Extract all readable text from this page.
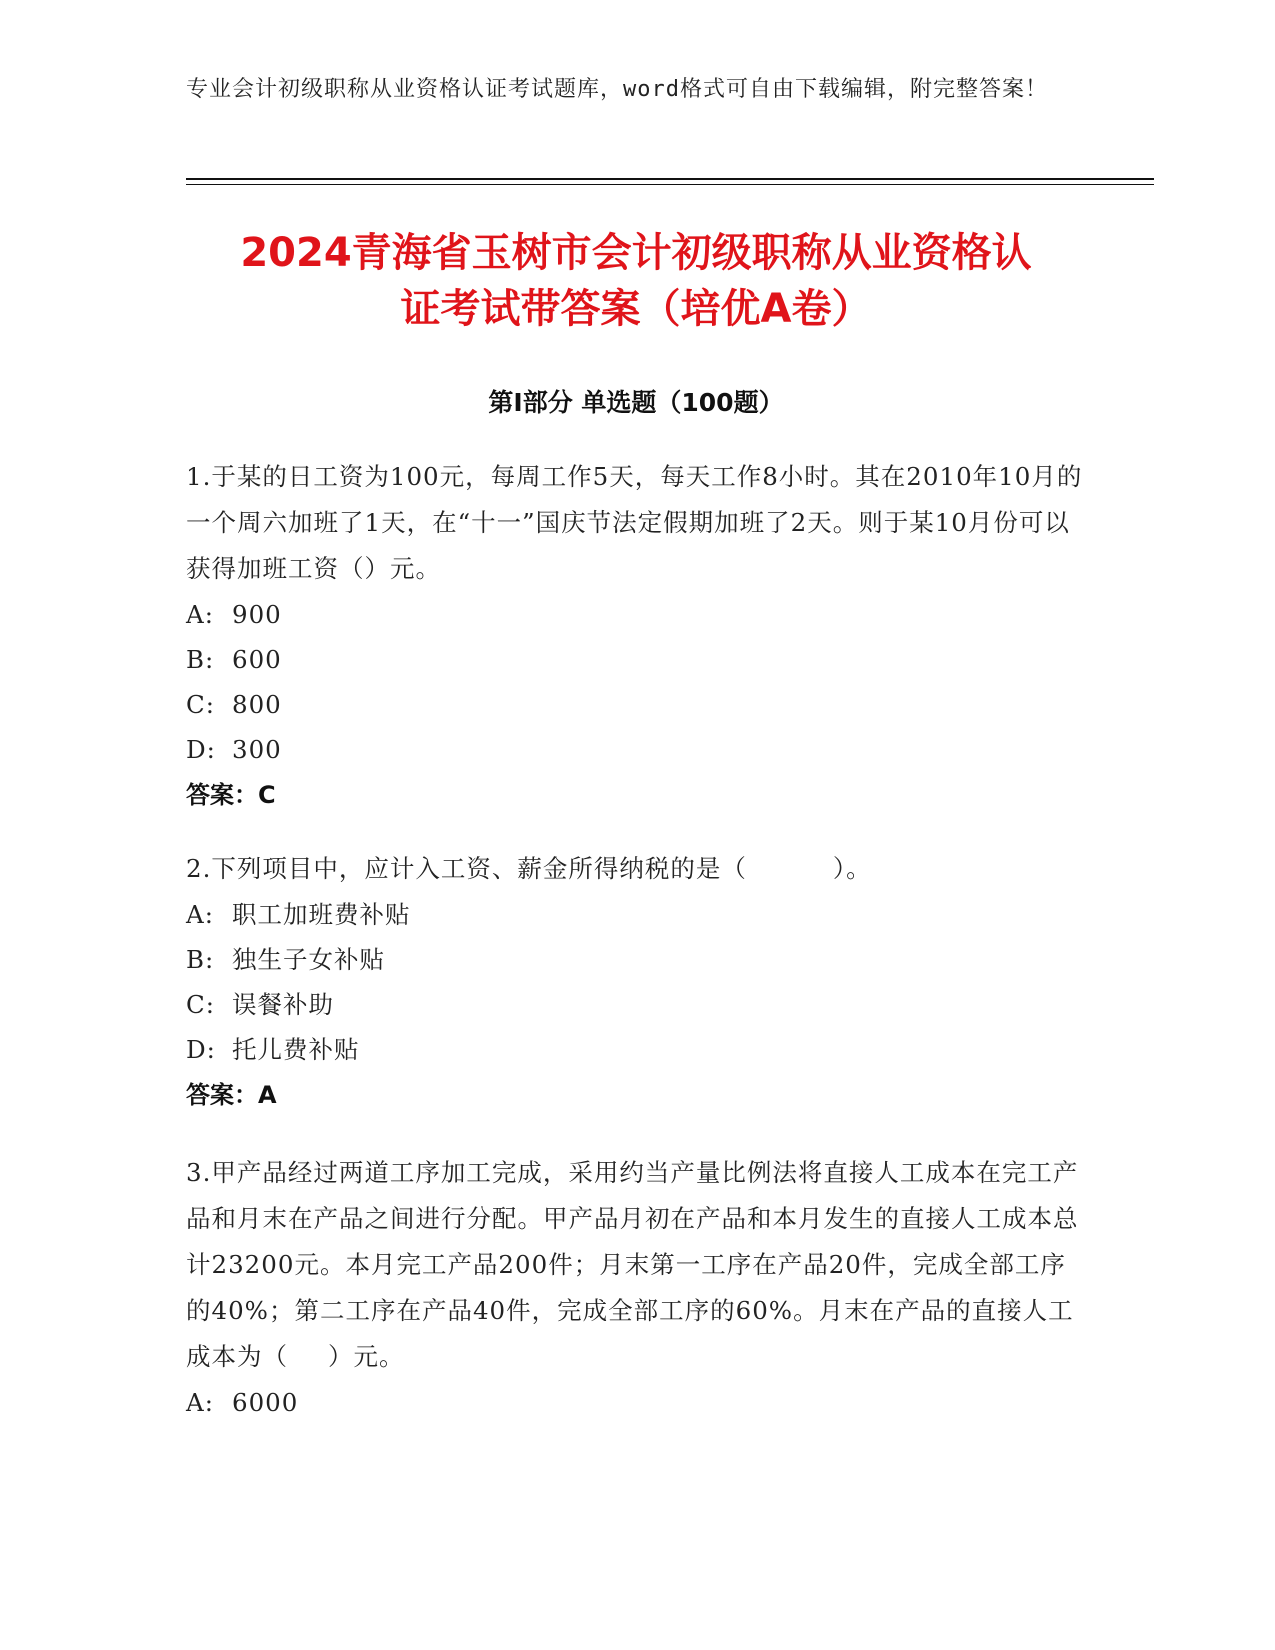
专业会计初级职称从业资格认证考试题库，word格式可自由下载编辑，附完整答案！
2024青海省玉树市会计初级职称从业资格认
证考试带答案（培优A卷）
第I部分 单选题（100题）
1.于某的日工资为100元，每周工作5天，每天工作8小时。其在2010年10月的一个周六加班了1天，在“十一”国庆节法定假期加班了2天。则于某10月份可以获得加班工资（）元。
A: 900
B: 600
C: 800
D: 300
答案：C
2.下列项目中，应计入工资、薪金所得纳税的是（	）。
A: 职工加班费补贴
B: 独生子女补贴
C: 误餐补助
D: 托儿费补贴
答案：A
3.甲产品经过两道工序加工完成，采用约当产量比例法将直接人工成本在完工产品和月末在产品之间进行分配。甲产品月初在产品和本月发生的直接人工成本总计23200元。本月完工产品200件；月末第一工序在产品20件，完成全部工序的40%；第二工序在产品40件，完成全部工序的60%。月末在产品的直接人工成本为（ ）元。
A: 6000
